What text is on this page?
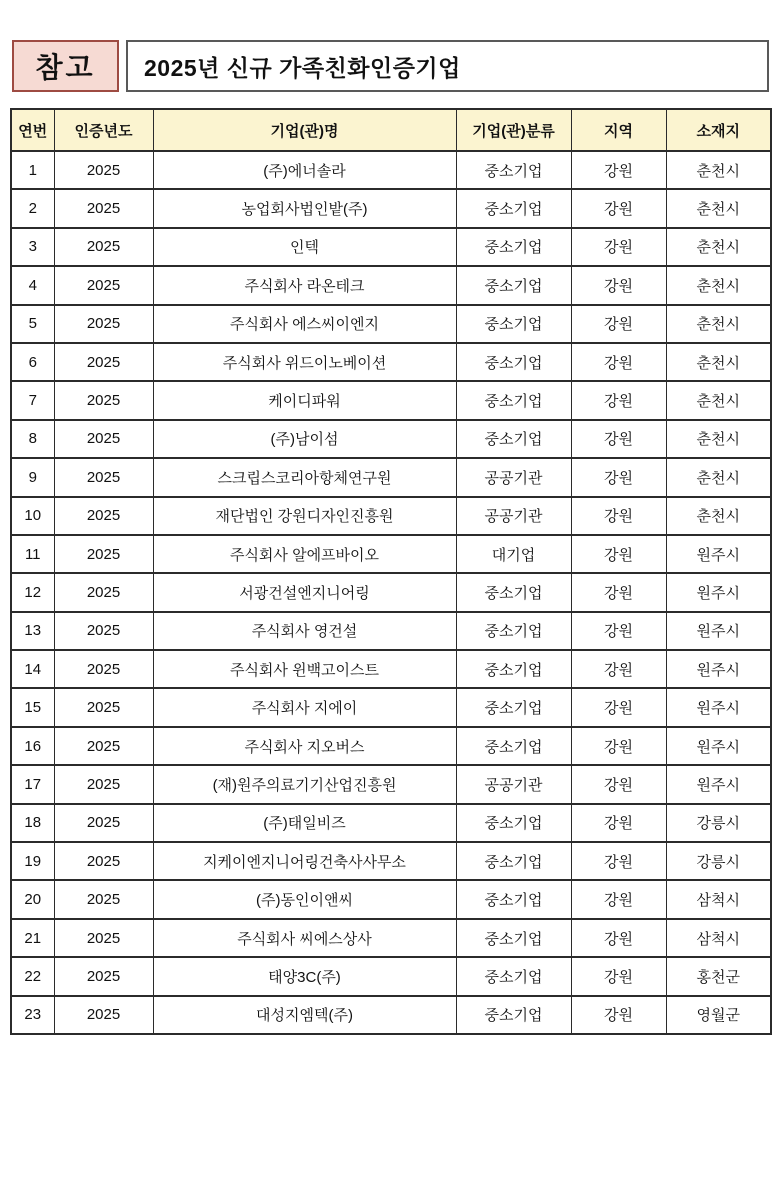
참고	2025년 신규 가족친화인증기업
연번	인증년도	기업(관)명	기업(관)분류	지역	소재지
1	2025	(주)에너솔라	중소기업	강원	춘천시
2	2025	농업회사법인밭(주)	중소기업	강원	춘천시
3	2025	인텍	중소기업	강원	춘천시
4	2025	주식회사 라온테크	중소기업	강원	춘천시
5	2025	주식회사 에스씨이엔지	중소기업	강원	춘천시
6	2025	주식회사 위드이노베이션	중소기업	강원	춘천시
7	2025	케이디파워	중소기업	강원	춘천시
8	2025	(주)남이섬	중소기업	강원	춘천시
9	2025	스크립스코리아항체연구원	공공기관	강원	춘천시
10	2025	재단법인 강원디자인진흥원	공공기관	강원	춘천시
11	2025	주식회사 알에프바이오	대기업	강원	원주시
12	2025	서광건설엔지니어링	중소기업	강원	원주시
13	2025	주식회사 영건설	중소기업	강원	원주시
14	2025	주식회사 윈백고이스트	중소기업	강원	원주시
15	2025	주식회사 지에이	중소기업	강원	원주시
16	2025	주식회사 지오버스	중소기업	강원	원주시
17	2025	(재)원주의료기기산업진흥원	공공기관	강원	원주시
18	2025	(주)태일비즈	중소기업	강원	강릉시
19	2025	지케이엔지니어링건축사사무소	중소기업	강원	강릉시
20	2025	(주)동인이앤씨	중소기업	강원	삼척시
21	2025	주식회사 씨에스상사	중소기업	강원	삼척시
22	2025	태양3C(주)	중소기업	강원	홍천군
23	2025	대성지엠텍(주)	중소기업	강원	영월군
